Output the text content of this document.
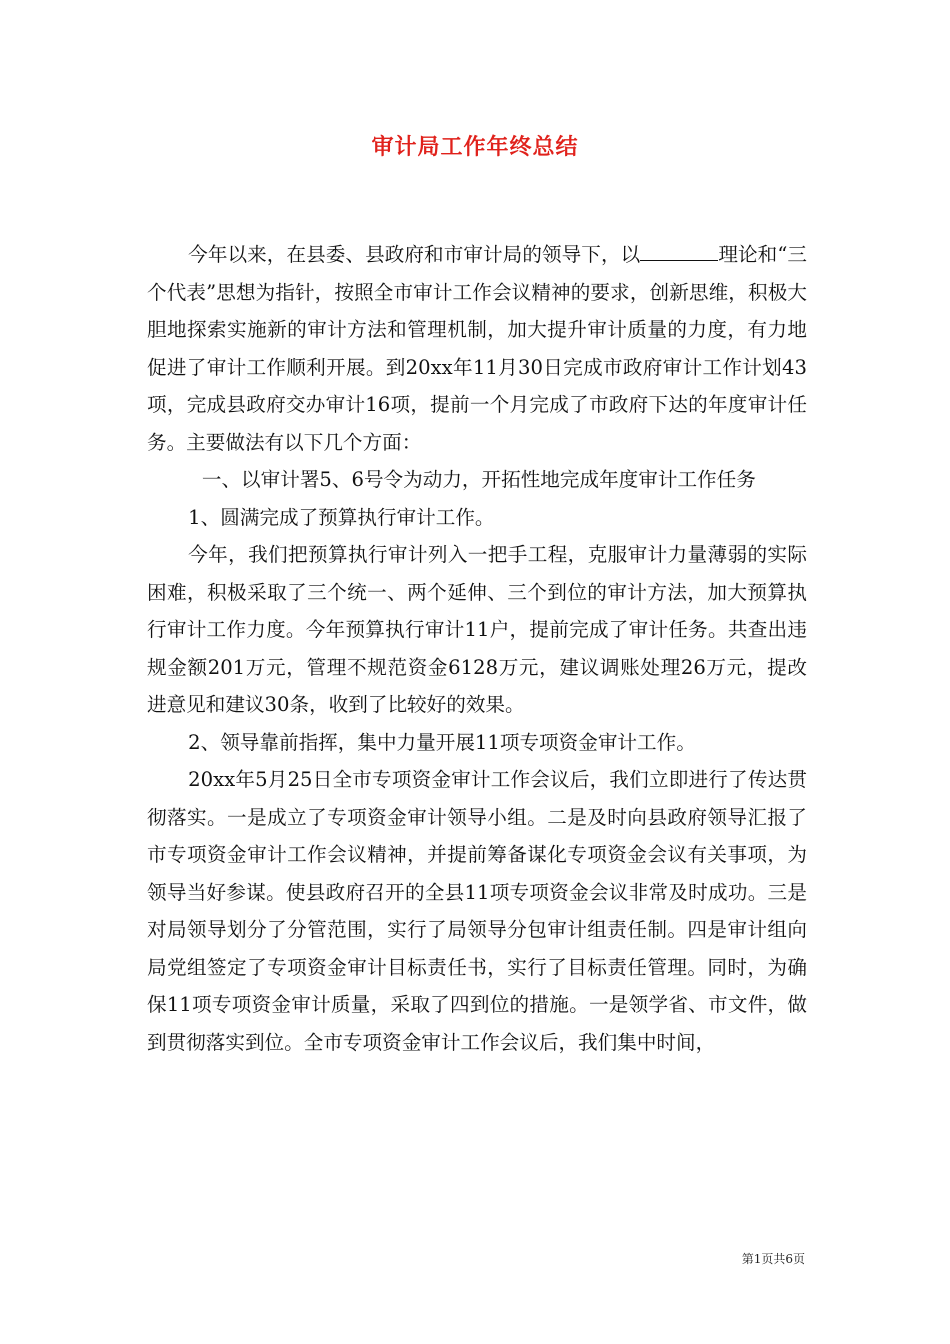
审计局工作年终总结

今年以来，在县委、县政府和市审计局的领导下，以	理论和“三个代表”思想为指针，按照全市审计工作会议精神的要求，创新思维，积极大胆地探索实施新的审计方法和管理机制，加大提升审计质量的力度，有力地促进了审计工作顺利开展。到20xx年11月30日完成市政府审计工作计划43项，完成县政府交办审计16项，提前一个月完成了市政府下达的年度审计任务。主要做法有以下几个方面：

一、以审计署5、6号令为动力，开拓性地完成年度审计工作任务

1、圆满完成了预算执行审计工作。

今年，我们把预算执行审计列入一把手工程，克服审计力量薄弱的实际困难，积极采取了三个统一、两个延伸、三个到位的审计方法，加大预算执行审计工作力度。今年预算执行审计11户，提前完成了审计任务。共查出违规金额201万元，管理不规范资金6128万元，建议调账处理26万元，提改进意见和建议30条，收到了比较好的效果。

2、领导靠前指挥，集中力量开展11项专项资金审计工作。

20xx年5月25日全市专项资金审计工作会议后，我们立即进行了传达贯彻落实。一是成立了专项资金审计领导小组。二是及时向县政府领导汇报了市专项资金审计工作会议精神，并提前筹备谋化专项资金会议有关事项，为领导当好参谋。使县政府召开的全县11项专项资金会议非常及时成功。三是对局领导划分了分管范围，实行了局领导分包审计组责任制。四是审计组向局党组签定了专项资金审计目标责任书，实行了目标责任管理。同时，为确保11项专项资金审计质量，采取了四到位的措施。一是领学省、市文件，做到贯彻落实到位。全市专项资金审计工作会议后，我们集中时间，

第1页共6页
